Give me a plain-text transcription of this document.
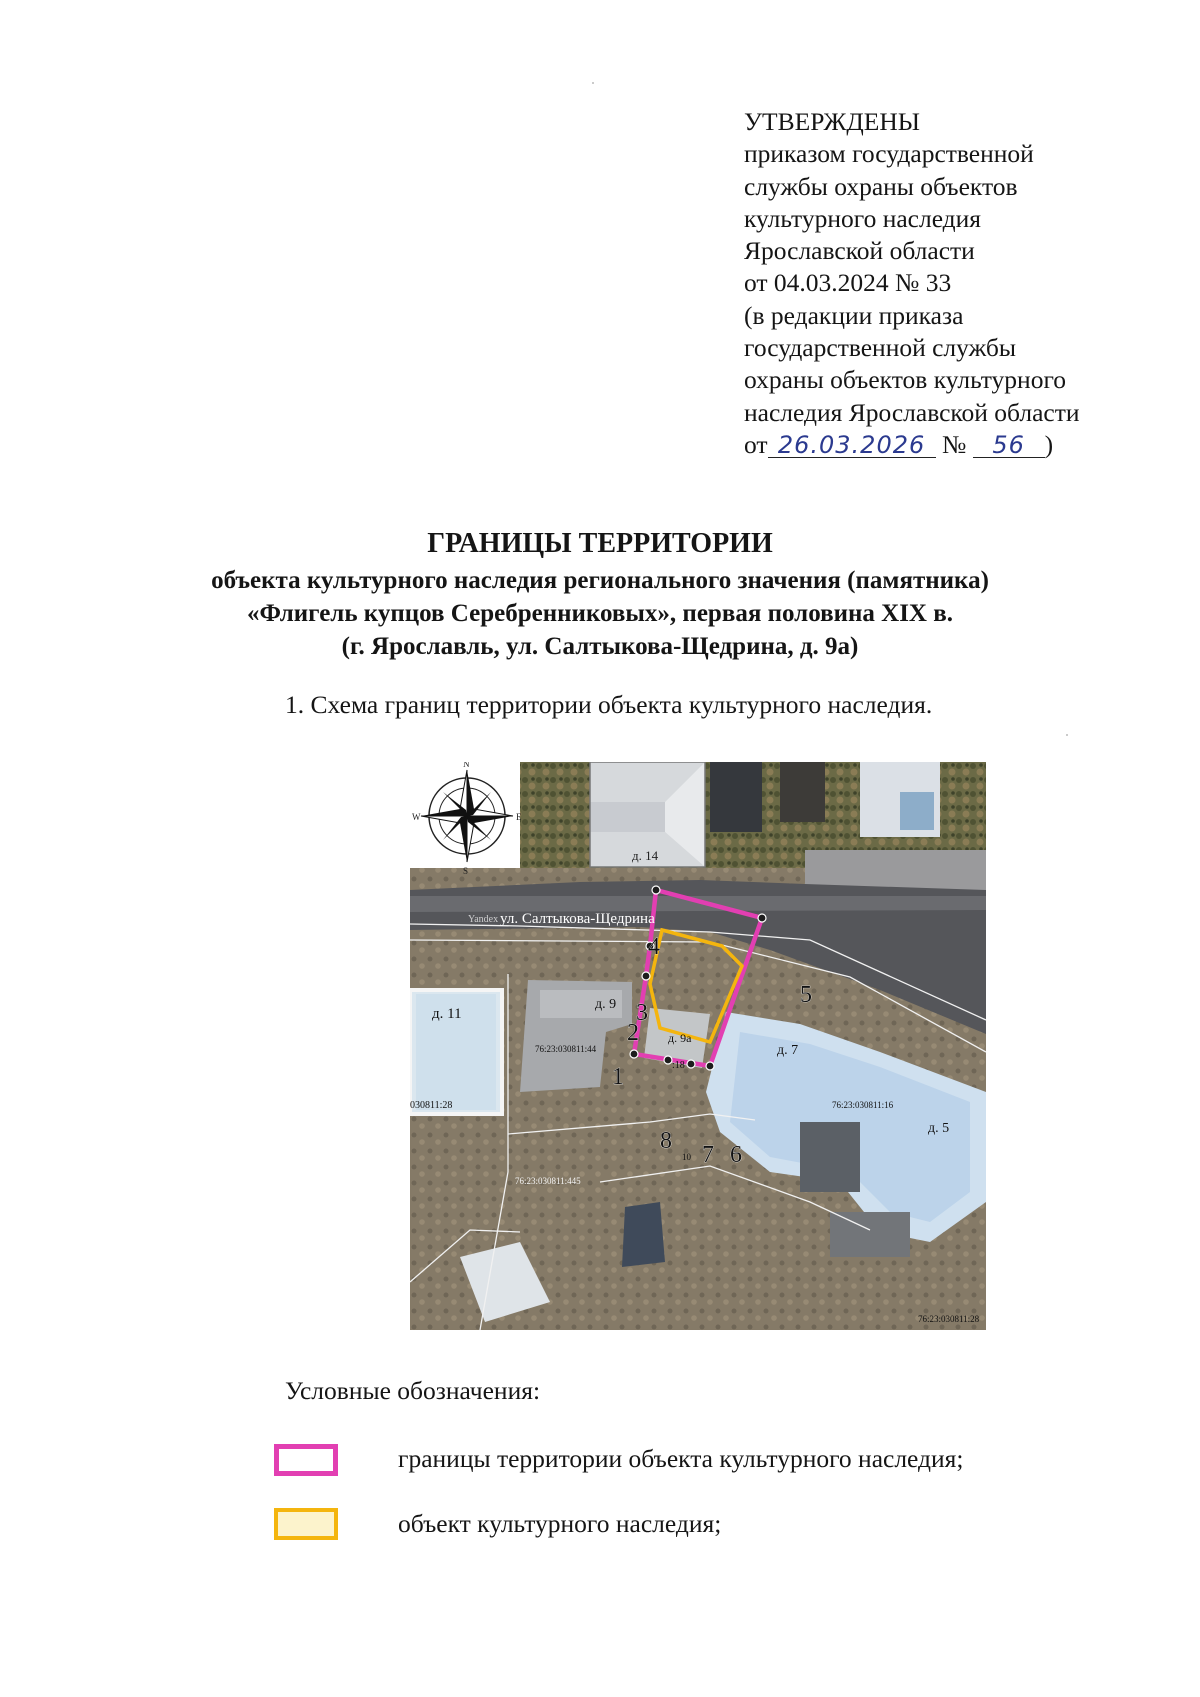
УТВЕРЖДЕНЫ
приказом государственной
службы охраны объектов
культурного наследия
Ярославской области
от 04.03.2024 № 33
(в редакции приказа
государственной службы
охраны объектов культурного
наследия Ярославской области
от 26.03.2026 № 56 )
ГРАНИЦЫ ТЕРРИТОРИИ
объекта культурного наследия регионального значения (памятника)
«Флигель купцов Серебренниковых», первая половина XIX в.
(г. Ярославль, ул. Салтыкова-Щедрина, д. 9а)
1. Схема границ территории объекта культурного наследия.
N
S
W	E
Yandex ул. Салтыкова-Щедрина
д. 14
д. 11
д. 9
д. 9а
д. 7
д. 5
76:23:030811:44
030811:28
:18
76:23:030811:16
76:23:030811:445
76:23:030811:28
10
1
2
3
4
5
6
7
8
Условные обозначения:
границы территории объекта культурного наследия;
объект культурного наследия;
